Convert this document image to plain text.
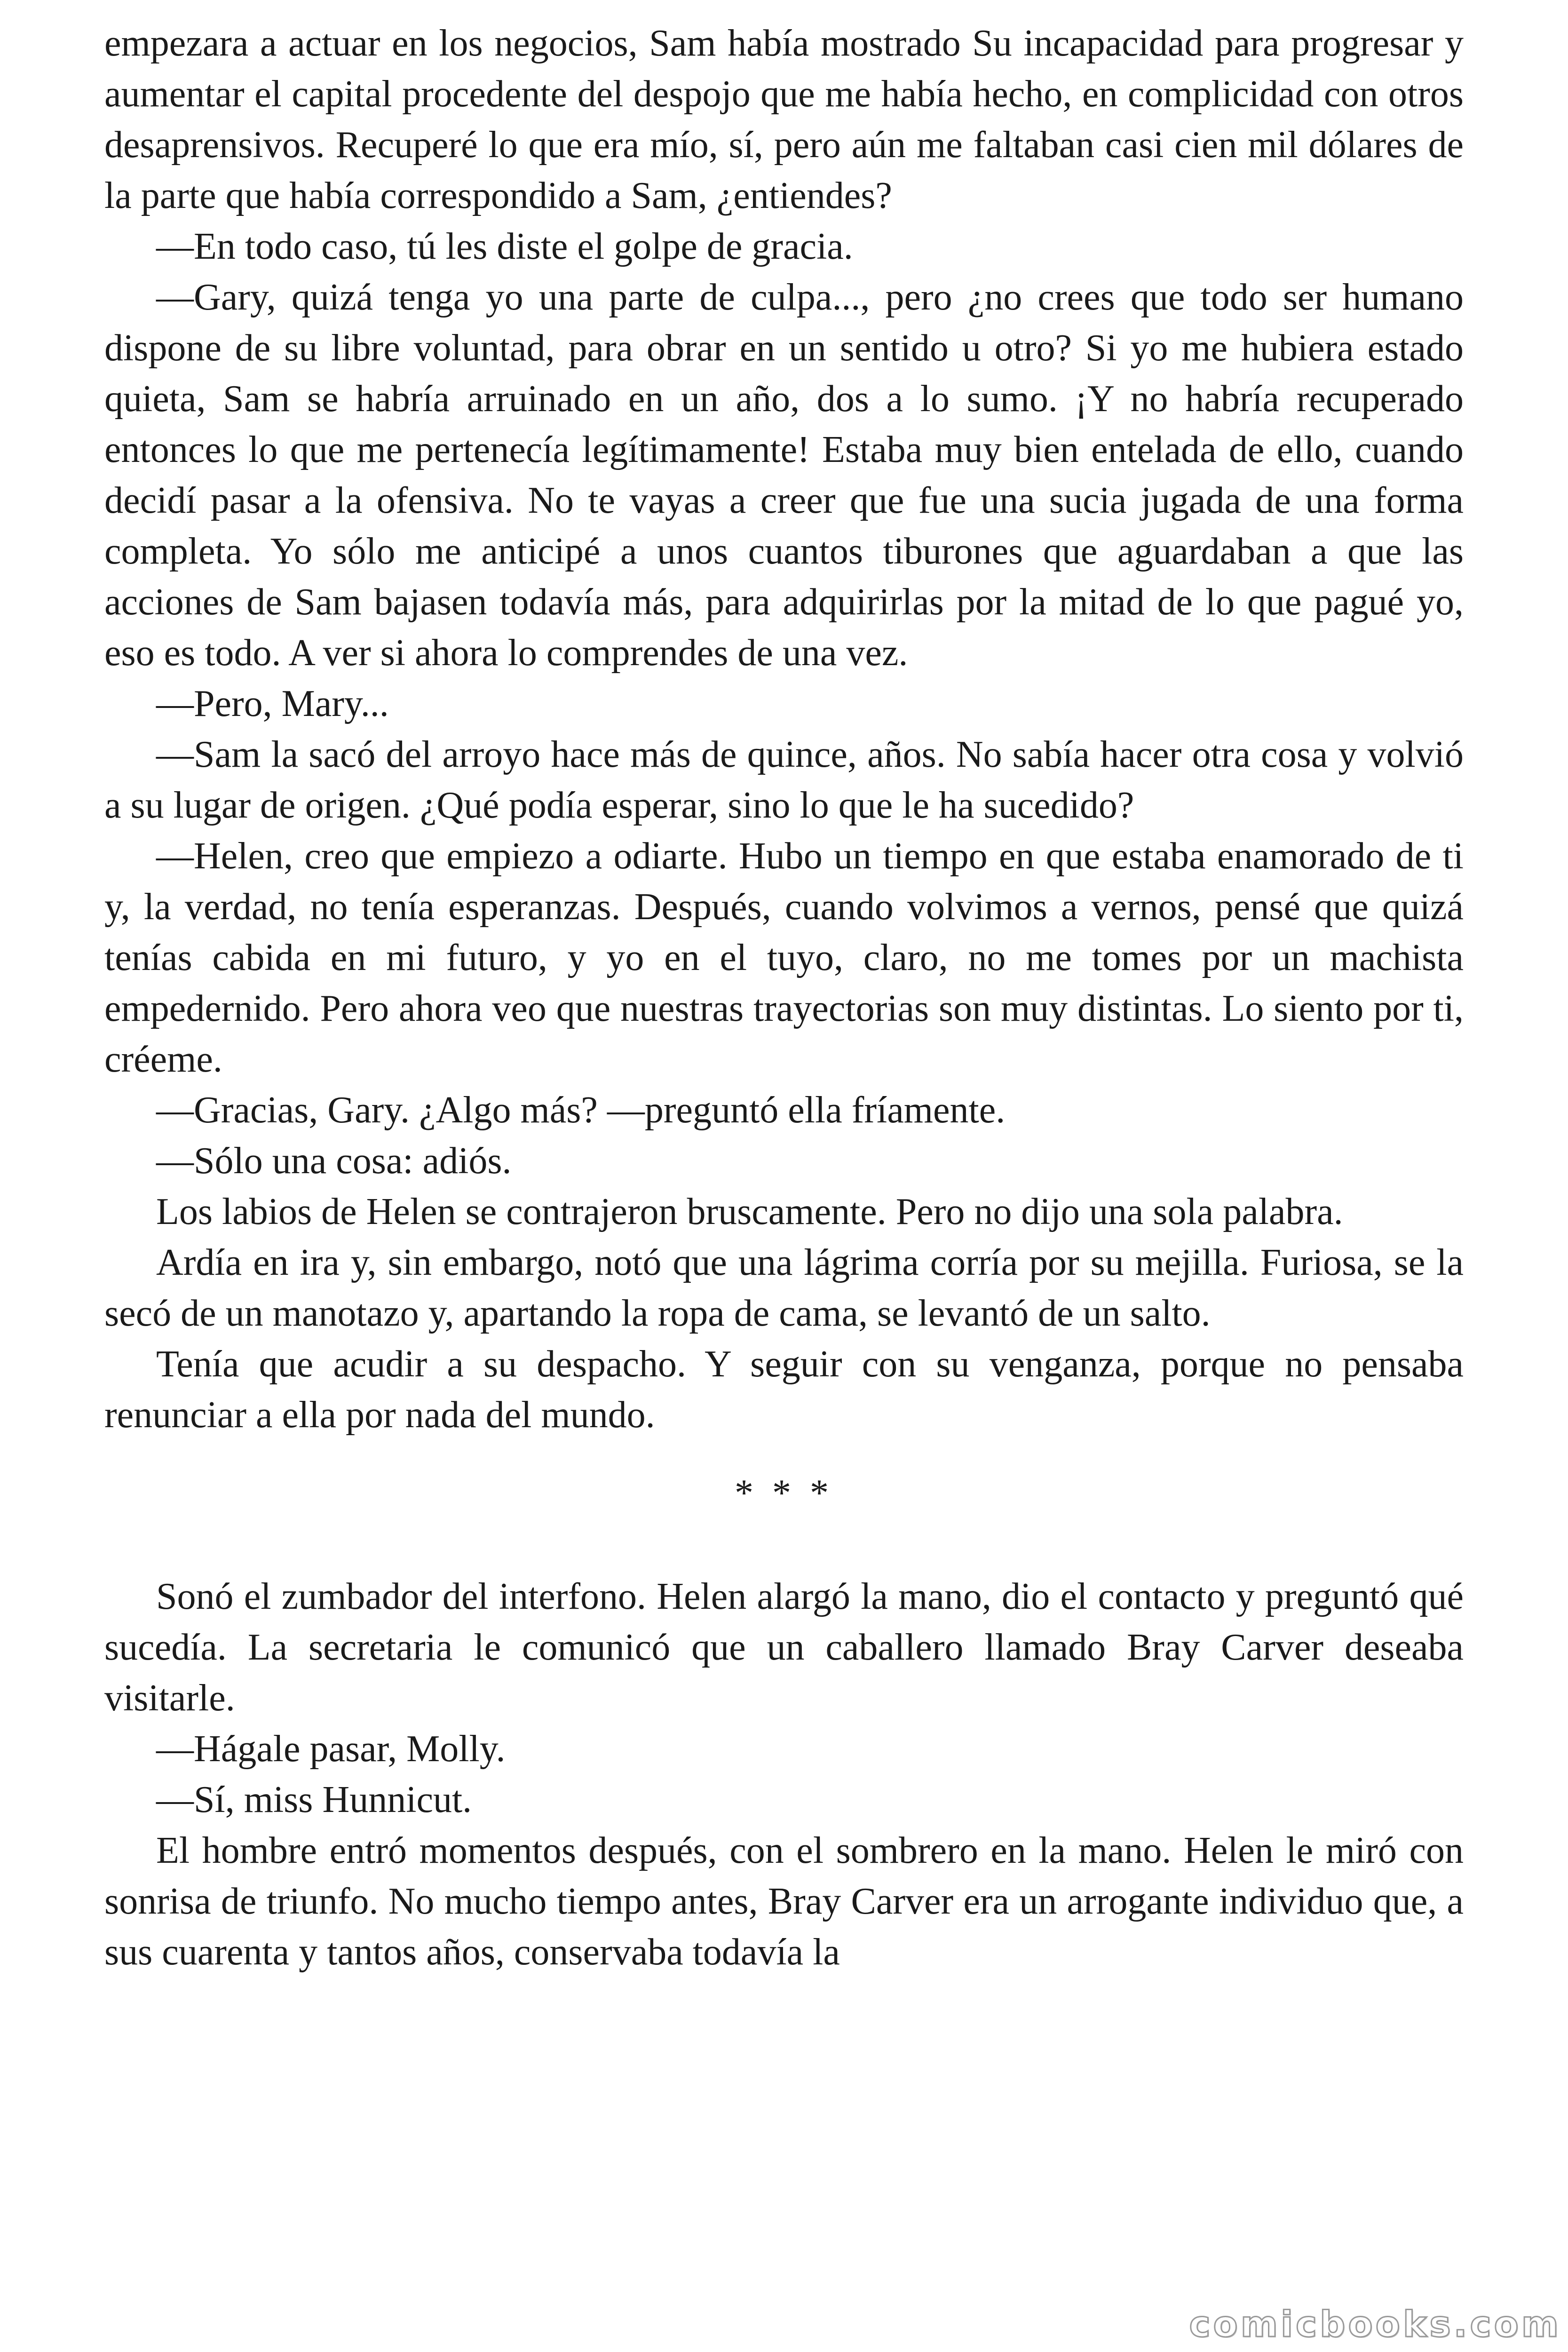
empezara a actuar en los negocios, Sam había mostrado Su incapacidad para progresar y aumentar el capital procedente del despojo que me había hecho, en complicidad con otros desaprensivos. Recuperé lo que era mío, sí, pero aún me faltaban casi cien mil dólares de la parte que había correspondido a Sam, ¿entiendes?

—En todo caso, tú les diste el golpe de gracia.

—Gary, quizá tenga yo una parte de culpa..., pero ¿no crees que todo ser humano dispone de su libre voluntad, para obrar en un sentido u otro? Si yo me hubiera estado quieta, Sam se habría arruinado en un año, dos a lo sumo. ¡Y no habría recuperado entonces lo que me pertenecía legítimamente! Estaba muy bien entelada de ello, cuando decidí pasar a la ofensiva. No te vayas a creer que fue una sucia jugada de una forma completa. Yo sólo me anticipé a unos cuantos tiburones que aguardaban a que las acciones de Sam bajasen todavía más, para adquirirlas por la mitad de lo que pagué yo, eso es todo. A ver si ahora lo comprendes de una vez.

—Pero, Mary...

—Sam la sacó del arroyo hace más de quince, años. No sabía hacer otra cosa y volvió a su lugar de origen. ¿Qué podía esperar, sino lo que le ha sucedido?

—Helen, creo que empiezo a odiarte. Hubo un tiempo en que estaba enamorado de ti y, la verdad, no tenía esperanzas. Después, cuando volvimos a vernos, pensé que quizá tenías cabida en mi futuro, y yo en el tuyo, claro, no me tomes por un machista empedernido. Pero ahora veo que nuestras trayectorias son muy distintas. Lo siento por ti, créeme.

—Gracias, Gary. ¿Algo más? —preguntó ella fríamente.

—Sólo una cosa: adiós.

Los labios de Helen se contrajeron bruscamente. Pero no dijo una sola palabra.

Ardía en ira y, sin embargo, notó que una lágrima corría por su mejilla. Furiosa, se la secó de un manotazo y, apartando la ropa de cama, se levantó de un salto.

Tenía que acudir a su despacho. Y seguir con su venganza, porque no pensaba renunciar a ella por nada del mundo.

* * *

Sonó el zumbador del interfono. Helen alargó la mano, dio el contacto y preguntó qué sucedía. La secretaria le comunicó que un caballero llamado Bray Carver deseaba visitarle.

—Hágale pasar, Molly.

—Sí, miss Hunnicut.

El hombre entró momentos después, con el sombrero en la mano. Helen le miró con sonrisa de triunfo. No mucho tiempo antes, Bray Carver era un arrogante individuo que, a sus cuarenta y tantos años, conservaba todavía la

comicbooks.com
